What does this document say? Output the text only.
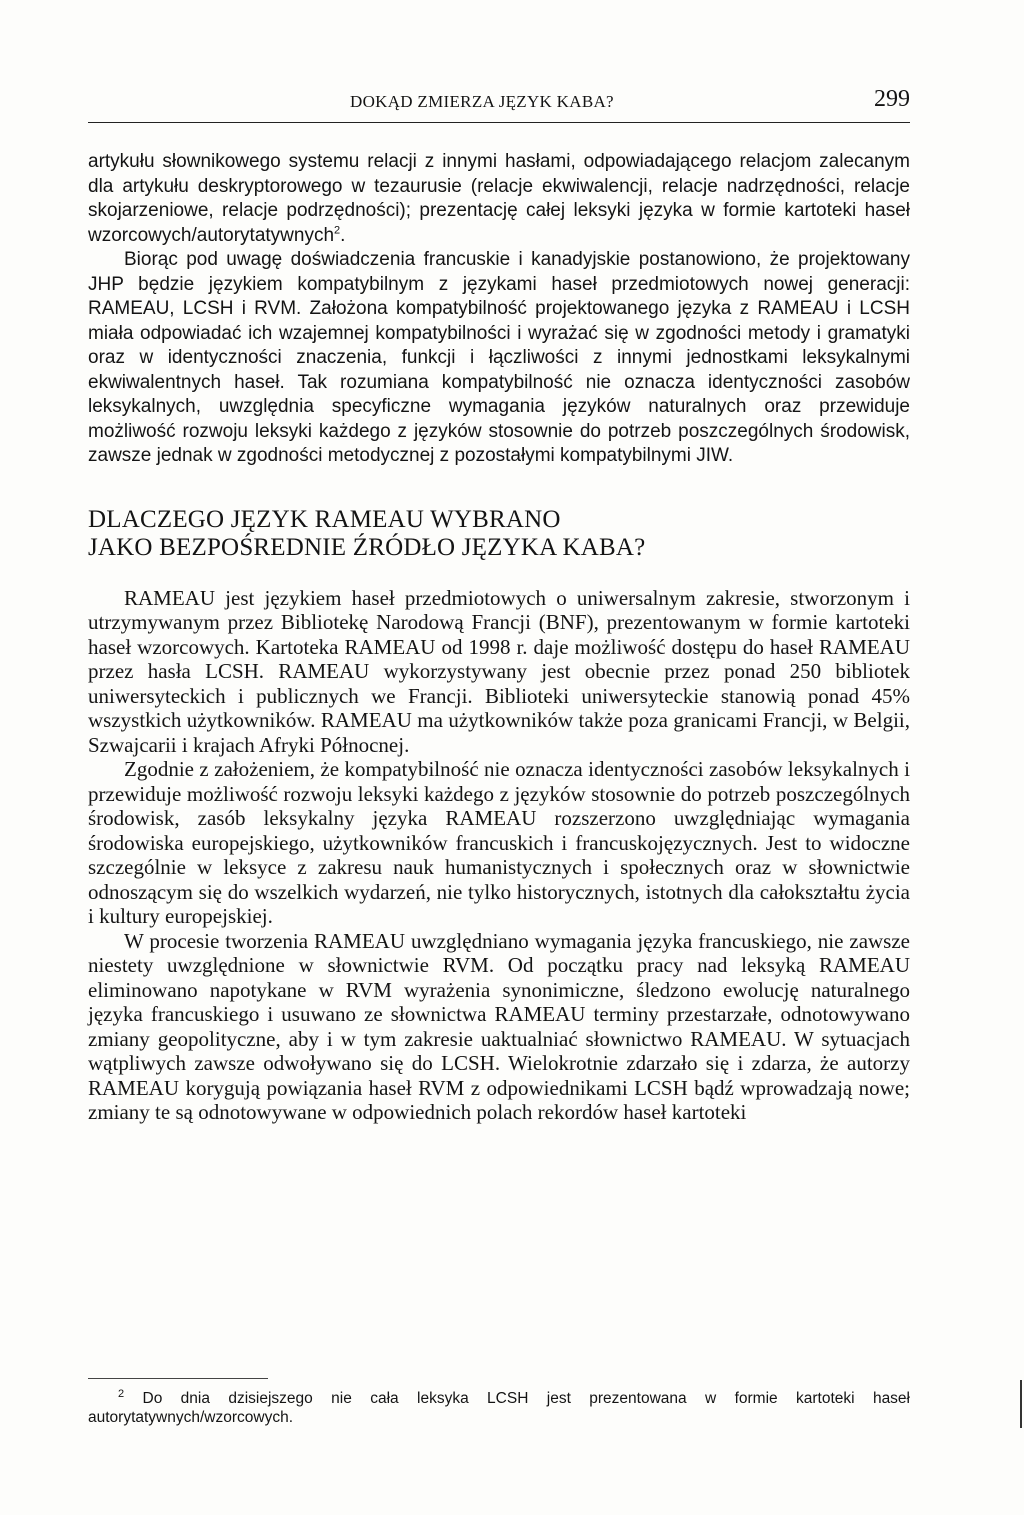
DOKĄD ZMIERZA JĘZYK KABA?	299

artykułu słownikowego systemu relacji z innymi hasłami, odpowiadającego relacjom zalecanym dla artykułu deskryptorowego w tezaurusie (relacje ekwiwalencji, relacje nadrzędności, relacje skojarzeniowe, relacje podrzędności); prezentację całej leksyki języka w formie kartoteki haseł wzorcowych/autorytatywnych$^2$.

Biorąc pod uwagę doświadczenia francuskie i kanadyjskie postanowiono, że projektowany JHP będzie językiem kompatybilnym z językami haseł przedmiotowych nowej generacji: RAMEAU, LCSH i RVM. Założona kompatybilność projektowanego języka z RAMEAU i LCSH miała odpowiadać ich wzajemnej kompatybilności i wyrażać się w zgodności metody i gramatyki oraz w identyczności znaczenia, funkcji i łączliwości z innymi jednostkami leksykalnymi ekwiwalentnych haseł. Tak rozumiana kompatybilność nie oznacza identyczności zasobów leksykalnych, uwzględnia specyficzne wymagania języków naturalnych oraz przewiduje możliwość rozwoju leksyki każdego z języków stosownie do potrzeb poszczególnych środowisk, zawsze jednak w zgodności metodycznej z pozostałymi kompatybilnymi JIW.

DLACZEGO JĘZYK RAMEAU WYBRANO
JAKO BEZPOŚREDNIE ŹRÓDŁO JĘZYKA KABA?

RAMEAU jest językiem haseł przedmiotowych o uniwersalnym zakresie, stworzonym i utrzymywanym przez Bibliotekę Narodową Francji (BNF), prezentowanym w formie kartoteki haseł wzorcowych. Kartoteka RAMEAU od 1998 r. daje możliwość dostępu do haseł RAMEAU przez hasła LCSH. RAMEAU wykorzystywany jest obecnie przez ponad 250 bibliotek uniwersyteckich i publicznych we Francji. Biblioteki uniwersyteckie stanowią ponad 45% wszystkich użytkowników. RAMEAU ma użytkowników także poza granicami Francji, w Belgii, Szwajcarii i krajach Afryki Północnej.

Zgodnie z założeniem, że kompatybilność nie oznacza identyczności zasobów leksykalnych i przewiduje możliwość rozwoju leksyki każdego z języków stosownie do potrzeb poszczególnych środowisk, zasób leksykalny języka RAMEAU rozszerzono uwzględniając wymagania środowiska europejskiego, użytkowników francuskich i francuskojęzycznych. Jest to widoczne szczególnie w leksyce z zakresu nauk humanistycznych i społecznych oraz w słownictwie odnoszącym się do wszelkich wydarzeń, nie tylko historycznych, istotnych dla całokształtu życia i kultury europejskiej.

W procesie tworzenia RAMEAU uwzględniano wymagania języka francuskiego, nie zawsze niestety uwzględnione w słownictwie RVM. Od początku pracy nad leksyką RAMEAU eliminowano napotykane w RVM wyrażenia synonimiczne, śledzono ewolucję naturalnego języka francuskiego i usuwano ze słownictwa RAMEAU terminy przestarzałe, odnotowywano zmiany geopolityczne, aby i w tym zakresie uaktualniać słownictwo RAMEAU. W sytuacjach wątpliwych zawsze odwoływano się do LCSH. Wielokrotnie zdarzało się i zdarza, że autorzy RAMEAU korygują powiązania haseł RVM z odpowiednikami LCSH bądź wprowadzają nowe; zmiany te są odnotowywane w odpowiednich polach rekordów haseł kartoteki

$^2$ Do dnia dzisiejszego nie cała leksyka LCSH jest prezentowana w formie kartoteki haseł autorytatywnych/wzorcowych.
